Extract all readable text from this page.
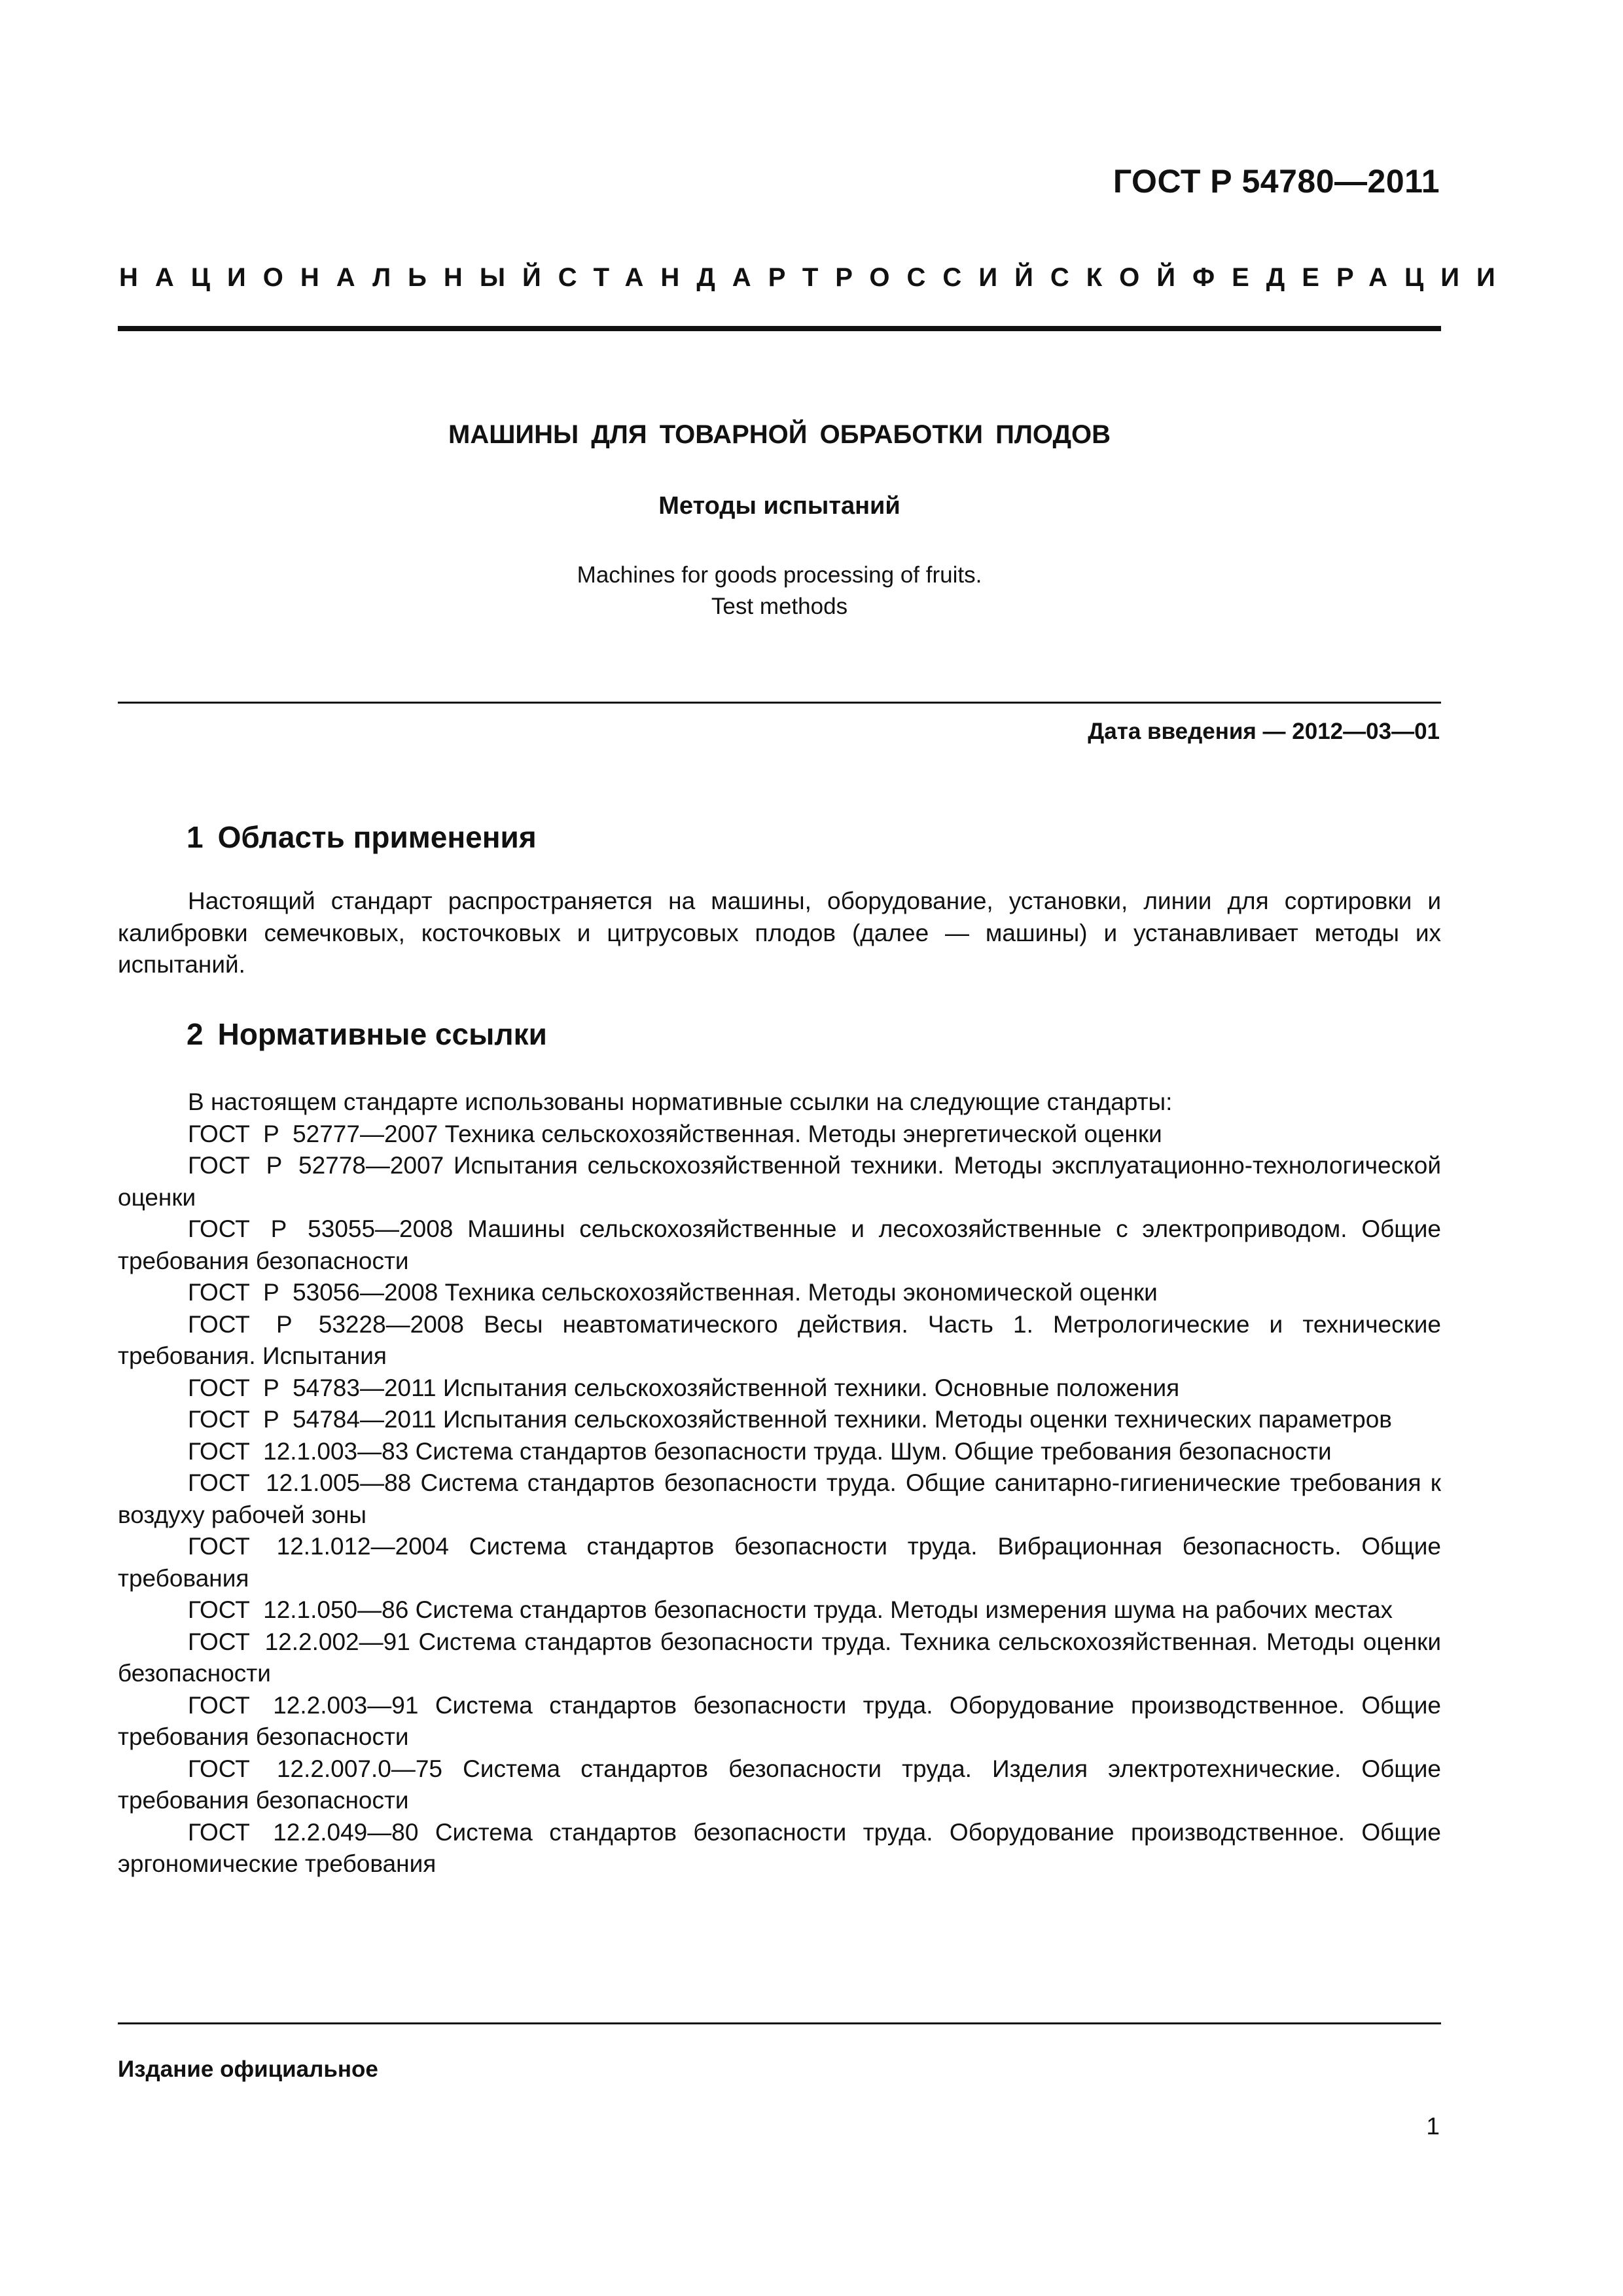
ГОСТ Р 54780—2011
НАЦИОНАЛЬНЫЙ СТАНДАРТ РОССИЙСКОЙ ФЕДЕРАЦИИ
МАШИНЫ ДЛЯ ТОВАРНОЙ ОБРАБОТКИ ПЛОДОВ
Методы испытаний
Machines for goods processing of fruits.
Test methods
Дата введения — 2012—03—01
1 Область применения

Настоящий стандарт распространяется на машины, оборудование, установки, линии для сортировки и калибровки семечковых, косточковых и цитрусовых плодов (далее — машины) и устанавливает методы их испытаний.

2 Нормативные ссылки

В настоящем стандарте использованы нормативные ссылки на следующие стандарты:

ГОСТ Р 52777—2007 Техника сельскохозяйственная. Методы энергетической оценки

ГОСТ Р 52778—2007 Испытания сельскохозяйственной техники. Методы эксплуатационно-технологической оценки

ГОСТ Р 53055—2008 Машины сельскохозяйственные и лесохозяйственные с электроприводом. Общие требования безопасности

ГОСТ Р 53056—2008 Техника сельскохозяйственная. Методы экономической оценки

ГОСТ Р 53228—2008 Весы неавтоматического действия. Часть 1. Метрологические и технические требования. Испытания

ГОСТ Р 54783—2011 Испытания сельскохозяйственной техники. Основные положения

ГОСТ Р 54784—2011 Испытания сельскохозяйственной техники. Методы оценки технических параметров

ГОСТ 12.1.003—83 Система стандартов безопасности труда. Шум. Общие требования безопасности

ГОСТ 12.1.005—88 Система стандартов безопасности труда. Общие санитарно-гигиенические требования к воздуху рабочей зоны

ГОСТ 12.1.012—2004 Система стандартов безопасности труда. Вибрационная безопасность. Общие требования

ГОСТ 12.1.050—86 Система стандартов безопасности труда. Методы измерения шума на рабочих местах

ГОСТ 12.2.002—91 Система стандартов безопасности труда. Техника сельскохозяйственная. Методы оценки безопасности

ГОСТ 12.2.003—91 Система стандартов безопасности труда. Оборудование производственное. Общие требования безопасности

ГОСТ 12.2.007.0—75 Система стандартов безопасности труда. Изделия электротехнические. Общие требования безопасности

ГОСТ 12.2.049—80 Система стандартов безопасности труда. Оборудование производственное. Общие эргономические требования

Издание официальное
1
